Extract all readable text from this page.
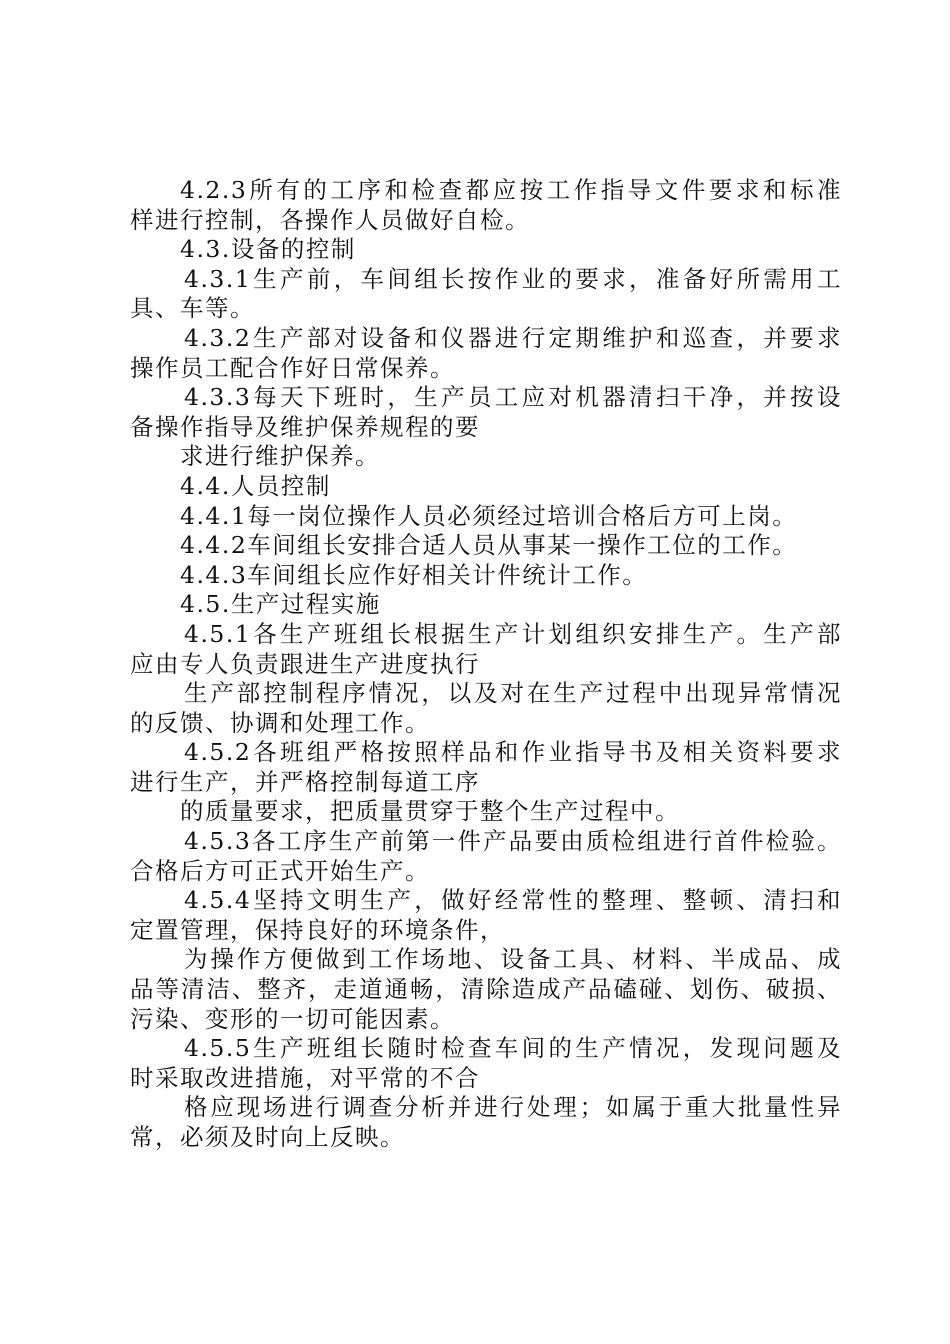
4.2.3所有的工序和检查都应按工作指导文件要求和标准
样进行控制，各操作人员做好自检。
4.3.设备的控制
4.3.1生产前，车间组长按作业的要求，准备好所需用工
具、车等。
4.3.2生产部对设备和仪器进行定期维护和巡查，并要求
操作员工配合作好日常保养。
4.3.3每天下班时，生产员工应对机器清扫干净，并按设
备操作指导及维护保养规程的要
求进行维护保养。
4.4.人员控制
4.4.1每一岗位操作人员必须经过培训合格后方可上岗。
4.4.2车间组长安排合适人员从事某一操作工位的工作。
4.4.3车间组长应作好相关计件统计工作。
4.5.生产过程实施
4.5.1各生产班组长根据生产计划组织安排生产。生产部
应由专人负责跟进生产进度执行
生产部控制程序情况，以及对在生产过程中出现异常情况
的反馈、协调和处理工作。
4.5.2各班组严格按照样品和作业指导书及相关资料要求
进行生产，并严格控制每道工序
的质量要求，把质量贯穿于整个生产过程中。
4.5.3各工序生产前第一件产品要由质检组进行首件检验。
合格后方可正式开始生产。
4.5.4坚持文明生产，做好经常性的整理、整顿、清扫和
定置管理，保持良好的环境条件，
为操作方便做到工作场地、设备工具、材料、半成品、成
品等清洁、整齐，走道通畅，清除造成产品磕碰、划伤、破损、
污染、变形的一切可能因素。
4.5.5生产班组长随时检查车间的生产情况，发现问题及
时采取改进措施，对平常的不合
格应现场进行调查分析并进行处理；如属于重大批量性异
常，必须及时向上反映。
